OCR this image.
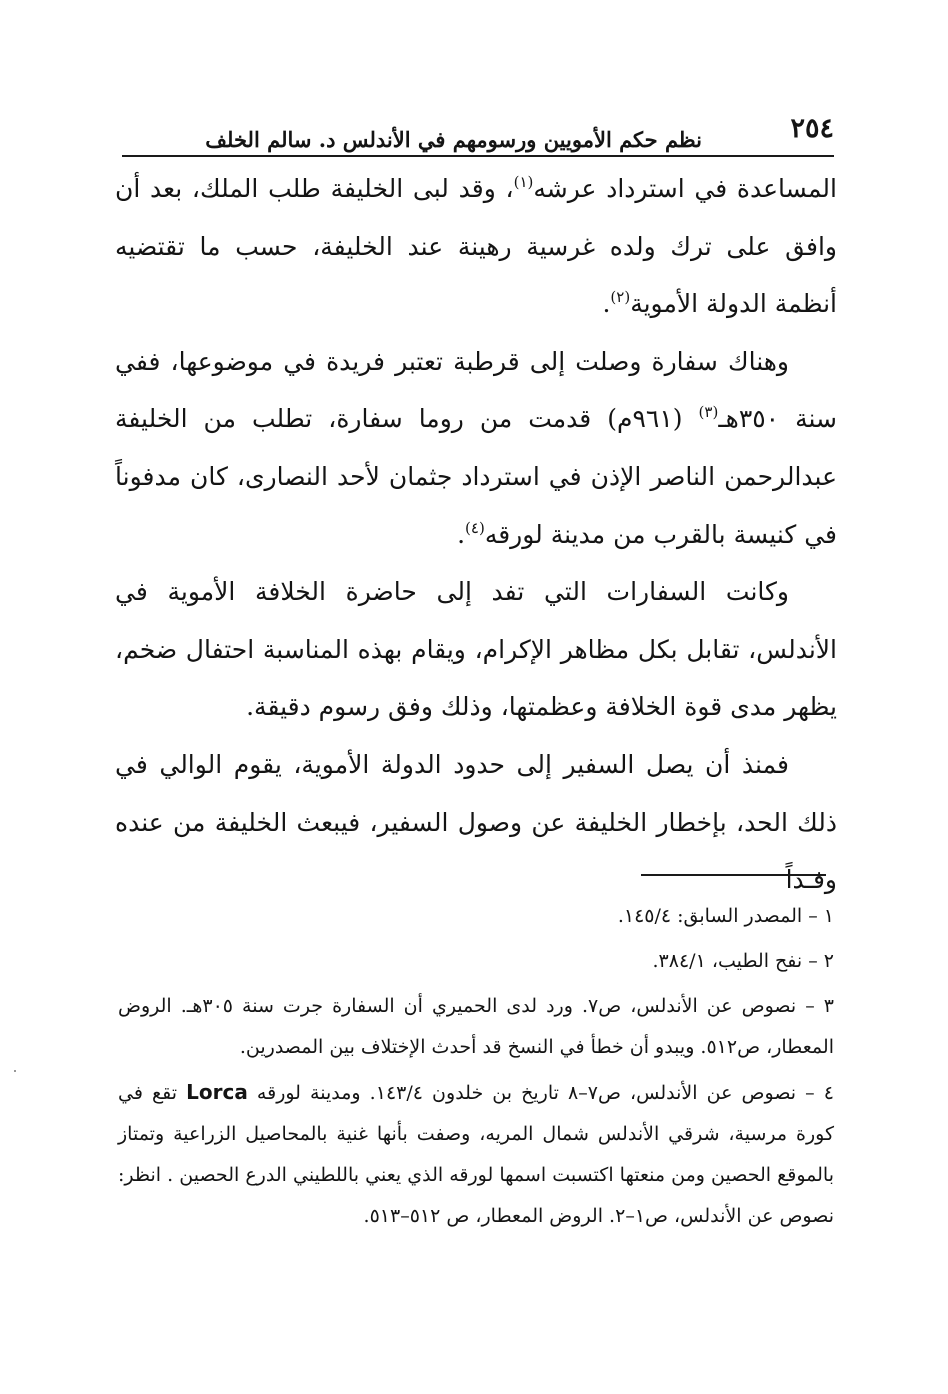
٢٥٤
نظم حكم الأمويين ورسومهم في الأندلس د. سالم الخلف

المساعدة في استرداد عرشه$^{(١)}$، وقد لبى الخليفة طلب الملك، بعد أن وافق على ترك ولده غرسية رهينة عند الخليفة، حسب ما تقتضيه أنظمة الدولة الأموية$^{(٢)}$.

وهناك سفارة وصلت إلى قرطبة تعتبر فريدة في موضوعها، ففي سنة ٣٥٠هـ$^{(٣)}$ (٩٦١م) قدمت من روما سفارة، تطلب من الخليفة عبدالرحمن الناصر الإذن في استرداد جثمان لأحد النصارى، كان مدفوناً في كنيسة بالقرب من مدينة لورقه$^{(٤)}$.

وكانت السفارات التي تفد إلى حاضرة الخلافة الأموية في الأندلس، تقابل بكل مظاهر الإكرام، ويقام بهذه المناسبة احتفال ضخم، يظهر مدى قوة الخلافة وعظمتها، وذلك وفق رسوم دقيقة.

فمنذ أن يصل السفير إلى حدود الدولة الأموية، يقوم الوالي في ذلك الحد، بإخطار الخليفة عن وصول السفير، فيبعث الخليفة من عنده وفـداً

١ – المصدر السابق: ١٤٥/٤.

٢ – نفح الطيب، ٣٨٤/١.

٣ – نصوص عن الأندلس، ص٧. ورد لدى الحميري أن السفارة جرت سنة ٣٠٥هـ. الروض المعطار، ص٥١٢. ويبدو أن خطأ في النسخ قد أحدث الإختلاف بين المصدرين.

٤ – نصوص عن الأندلس، ص٧–٨ تاريخ بن خلدون ١٤٣/٤. ومدينة لورقه Lorca تقع في كورة مرسية، شرقي الأندلس شمال المريه، وصفت بأنها غنية بالمحاصيل الزراعية وتمتاز بالموقع الحصين ومن منعتها اكتسبت اسمها لورقه الذي يعني باللطيني الدرع الحصين . انظر: نصوص عن الأندلس، ص١–٢. الروض المعطار، ص ٥١٢–٥١٣.
